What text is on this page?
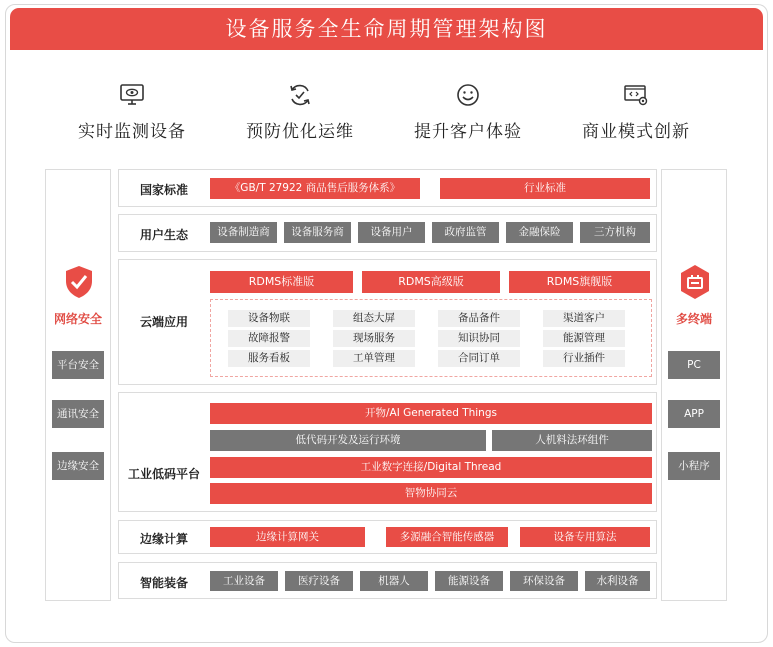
设备服务全生命周期管理架构图
实时监测设备	预防优化运维	提升客户体验	商业模式创新
网络安全
平台安全
通讯安全
边缘安全
多终端
PC
APP
小程序
国家标准	《GB/T 27922 商品售后服务体系》	行业标准
用户生态	设备制造商	设备服务商	设备用户	政府监管	金融保险	三方机构
云端应用
RDMS标准版	RDMS高级版	RDMS旗舰版
设备物联	组态大屏	备品备件	渠道客户
故障报警	现场服务	知识协同	能源管理
服务看板	工单管理	合同订单	行业插件
工业低码平台
开物/AI Generated Things
低代码开发及运行环境	人机料法环组件
工业数字连接/Digital Thread
智物协同云
边缘计算	边缘计算网关	多源融合智能传感器	设备专用算法
智能装备	工业设备	医疗设备	机器人	能源设备	环保设备	水利设备
